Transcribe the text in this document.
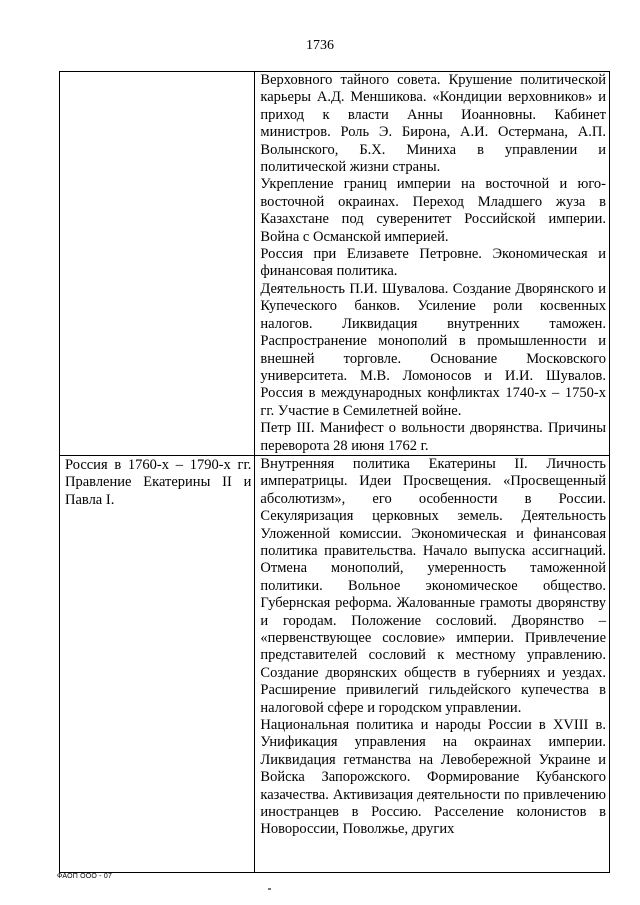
1736

	Верховного тайного совета. Крушение политической карьеры А.Д. Меншикова. «Кондиции верховников» и приход к власти Анны Иоанновны. Кабинет министров. Роль Э. Бирона, А.И. Остермана, А.П. Волынского, Б.Х. Миниха в управлении и политической жизни страны.
Укрепление границ империи на восточной и юго-восточной окраинах. Переход Младшего жуза в Казахстане под суверенитет Российской империи. Война с Османской империей.
Россия при Елизавете Петровне. Экономическая и финансовая политика.
Деятельность П.И. Шувалова. Создание Дворянского и Купеческого банков. Усиление роли косвенных налогов. Ликвидация внутренних таможен. Распространение монополий в промышленности и внешней торговле. Основание Московского университета. М.В. Ломоносов и И.И. Шувалов. Россия в международных конфликтах 1740-х – 1750-х гг. Участие в Семилетней войне.
Петр III. Манифест о вольности дворянства. Причины переворота 28 июня 1762 г.

Россия в 1760-х – 1790-х гг. Правление Екатерины II и Павла I.	Внутренняя политика Екатерины II. Личность императрицы. Идеи Просвещения. «Просвещенный абсолютизм», его особенности в России. Секуляризация церковных земель. Деятельность Уложенной комиссии. Экономическая и финансовая политика правительства. Начало выпуска ассигнаций. Отмена монополий, умеренность таможенной политики. Вольное экономическое общество. Губернская реформа. Жалованные грамоты дворянству и городам. Положение сословий. Дворянство – «первенствующее сословие» империи. Привлечение представителей сословий к местному управлению. Создание дворянских обществ в губерниях и уездах. Расширение привилегий гильдейского купечества в налоговой сфере и городском управлении.
Национальная политика и народы России в XVIII в. Унификация управления на окраинах империи. Ликвидация гетманства на Левобережной Украине и Войска Запорожского. Формирование Кубанского казачества. Активизация деятельности по привлечению иностранцев в Россию. Расселение колонистов в Новороссии, Поволжье, других
ФАОП ООО - 07
